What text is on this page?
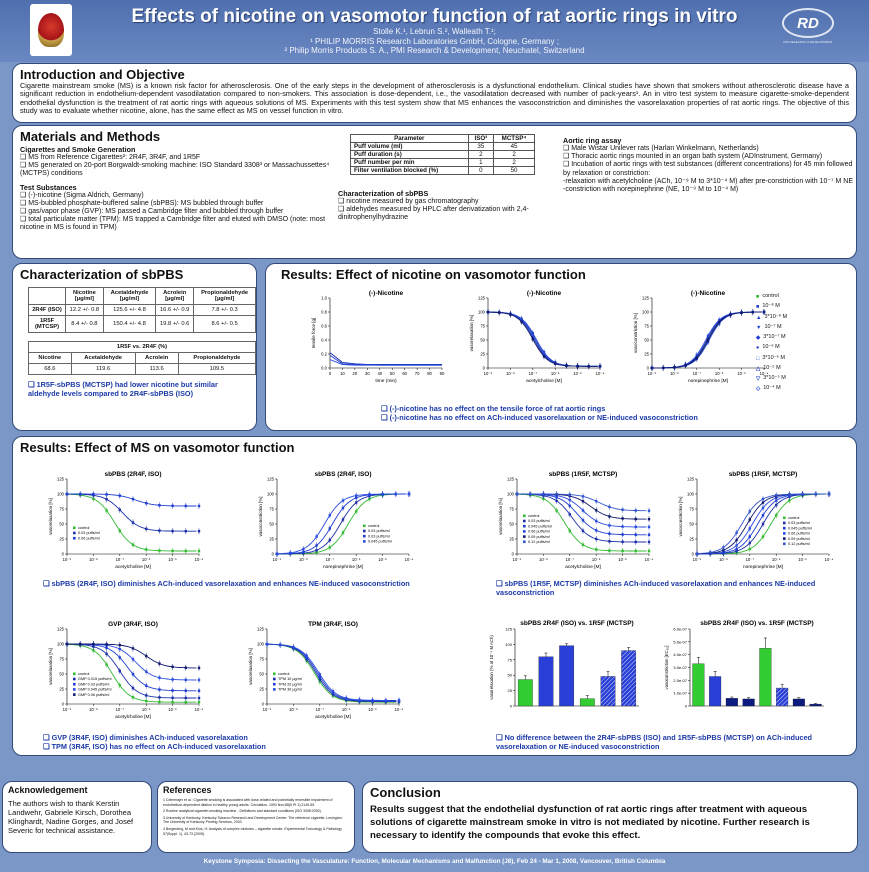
Effects of nicotine on vasomotor function of rat aortic rings in vitro
Stolle K.¹, Lebrun S.², Walleath T.¹;
¹ PHILIP MORRIS Research Laboratories GmbH, Cologne, Germany ;
² Philip Morris Products S. A., PMI Research & Development, Neuchatel, Switzerland
RD
PMI RESEARCH & DEVELOPMENT
Introduction and Objective
Cigarette mainstream smoke (MS) is a known risk factor for atherosclerosis. One of the early steps in the development of atherosclerosis is a dysfunctional endothelium. Clinical studies have shown that smokers without atherosclerotic disease have a significant reduction in endothelium-dependent vasodilatation compared to non-smokers. This association is dose-dependent, i.e., the vasodilatation decreased with number of pack-years¹. An in vitro test system to measure cigarette-smoke-dependent endothelial dysfunction is the treatment of rat aortic rings with aqueous solutions of MS. Experiments with this test system show that MS enhances the vasoconstriction and diminishes the vasorelaxation properties of rat aortic rings. The objective of this study was to evaluate whether nicotine, alone, has the same effect as MS on vessel function in vitro.
Materials and Methods
Cigarettes and Smoke Generation
❑ MS from Reference Cigarettes²: 2R4F, 3R4F, and 1R5F
❑ MS generated on 20-port Borgwaldt-smoking machine: ISO Standard 3308³ or Massachussettes⁴ (MCTPS) conditions
Test Substances
❑ (-)-nicotine (Sigma Aldrich, Germany)
❑ MS-bubbled phosphate-buffered saline (sbPBS): MS bubbled through buffer
❑ gas/vapor phase (GVP): MS passed a Cambridge filter and bubbled through buffer
❑ total particulate matter (TPM): MS trapped a Cambridge filter and eluted with DMSO (note: most nicotine in MS is found in TPM)
Parameter	ISO³	MCTSP⁴
Puff volume (ml)	35	45
Puff duration (s)	2	2
Puff number per min	1	2
Filter ventilation blocked (%)	0	50
Characterization of sbPBS
❑ nicotine measured by gas chromatography
❑ aldehydes measured by HPLC after derivatization with 2,4-dinitrophenylhydrazine
Aortic ring assay
❑ Male Wistar Unilever rats (Harlan Winkelmann, Netherlands)
❑ Thoracic aortic rings mounted in an organ bath system (ADInstrument, Germany)
❑ Incubation of aortic rings with test substances (different concentrations) for 45 min followed by relaxation or constriction:
-relaxation with acetylcholine (ACh, 10⁻⁹ M to 3*10⁻⁴ M) after pre-constriction with 10⁻⁷ M NE
-constriction with norepinephrine (NE, 10⁻⁹ M to 10⁻⁴ M)
Characterization of sbPBS
	Nicotine [µg/ml]	Acetaldehyde [µg/ml]	Acrolein [µg/ml]	Propionaldehyde [µg/ml]
2R4F (ISO)	12.2 +/- 0.8	125.6 +/- 4.8	16.6 +/- 0.9	7.8 +/- 0.3
1R5F (MTCSP)	8.4 +/- 0.8	150.4 +/- 4.8	19.8 +/- 0.6	8.6 +/- 0.5
1R5F vs. 2R4F (%)			
Nicotine	Acetaldehyde	Acrolein	Propionaldehyde
68.6	119.6	113.6	109.5
❑ 1R5F-sbPBS (MCTSP) had lower nicotine but similar aldehyde levels compared to 2R4F-sbPBS (ISO)
Results: Effect of nicotine on vasomotor function
(-)-Nicotine
0.0
0.2
0.4
0.6
0.8
1.0
0 10 20 30 40 50 60 70 80 90
time (min)
tensile force [g]
(-)-Nicotine
0
25
50
75
100
125
10⁻⁹	10⁻⁸	10⁻⁷	10⁻⁶	10⁻⁵	10⁻⁴
acetylcholine [M]
vasorelaxation [%]
(-)-Nicotine
0
25
50
75
100
125
10⁻⁹	10⁻⁸	10⁻⁷	10⁻⁶	10⁻⁵	10⁻⁴
norepinephrine [M]
vasoconstriction [%]
■ control
■ 10⁻⁸ M
▲ 3*10⁻⁸ M
▼ 10⁻⁷ M
◆ 3*10⁻⁷ M
● 10⁻⁶ M
□ 3*10⁻⁶ M
△ 10⁻⁵ M
▽ 3*10⁻⁵ M
◇ 10⁻⁴ M
❑ (-)-nicotine has no effect on the tensile force of rat aortic rings
❑ (-)-nicotine has no effect on ACh-induced vasorelaxation or NE-induced vasoconstriction
Results: Effect of MS on vasomotor function
sbPBS (2R4F, ISO)
0
25
50
75
100
125
10⁻⁹	10⁻⁸	10⁻⁷	10⁻⁶	10⁻⁵	10⁻⁴
acetylcholine [M]
vasorelaxation [%]	control
0.03 puffs/ml
0.06 puffs/ml
sbPBS (2R4F, ISO)
0
25
50
75
100
125
10⁻⁹	10⁻⁸	10⁻⁷	10⁻⁶	10⁻⁵	10⁻⁴
norepinephrine [M]
vasoconstriction [%]	control
0.03 puffs/ml
0.03 puffs/ml
0.045 puffs/ml
sbPBS (1R5F, MCTSP)
0
25
50
75
100
125
10⁻⁹	10⁻⁸	10⁻⁷	10⁻⁶	10⁻⁵	10⁻⁴
acetylcholine [M]
vasorelaxation [%]	control
0.03 puffs/ml
0.045 puffs/ml
0.06 puffs/ml
0.09 puffs/ml
0.12 puffs/ml
sbPBS (1R5F, MCTSP)
0
25
50
75
100
125
10⁻⁹	10⁻⁸	10⁻⁷	10⁻⁶	10⁻⁵	10⁻⁴
norepinephrine [M]
vasoconstriction [%]	control
0.03 puffs/ml
0.045 puffs/ml
0.06 puffs/ml
0.09 puffs/ml
0.12 puffs/ml
❑ sbPBS (2R4F, ISO) diminishes ACh-induced vasorelaxation and enhances NE-induced vasoconstriction	❑ sbPBS (1R5F, MCTSP) diminishes ACh-induced vasorelaxation and enhances NE-induced vasoconstriction
GVP (3R4F, ISO)
0
25
50
75
100
125
10⁻⁹	10⁻⁸	10⁻⁷	10⁻⁶	10⁻⁵	10⁻⁴
acetylcholine [M]
vasorelaxation [%]	control
GMP 0.015 puffs/ml
GMP 0.03 puffs/ml
GMP 0.045 puffs/ml
GMP 0.06 puffs/ml
TPM (3R4F, ISO)
0
25
50
75
100
125
10⁻⁹	10⁻⁸	10⁻⁷	10⁻⁶	10⁻⁵	10⁻⁴
acetylcholine [M]
vasorelaxation [%]	control
TPM 10 µg/ml
TPM 20 µg/ml
TPM 30 µg/ml
sbPBS 2R4F (ISO) vs. 1R5F (MCTSP)
0
25
50
75
100
125
vasorelaxation (% at 10⁻⁴ M ACh)
sbPBS 2R4F (ISO) vs. 1R5F (MCTSP)
0
1.0e-07
2.0e-07
3.0e-07
4.0e-07
5.0e-07
6.0e-07
vasoconstriction [EC₅₀]
❑ GVP (3R4F, ISO) diminishes ACh-induced vasorelaxation
❑ TPM (3R4F, ISO) has no effect on ACh-induced vasorelaxation
❑ No difference between the 2R4F-sbPBS (ISO) and 1R5F-sbPBS (MCTSP) on ACh-induced vasorelaxation or NE-induced vasoconstriction
Acknowledgement
The authors wish to thank Kerstin Landwehr, Gabriele Kirsch, Dorothea Klinghardt, Nadine Gorges, and Josef Severic for technical assistance.
References

1 Celermajer et al.: Cigarette smoking is associated with dose-related and potentially reversible impairment of endothelium-dependent dilation in healthy young adults. Circulation, 1993 Nov;88(5 Pt 1):2149-55.

2 Routine analytical cigarette-smoking machine - Definitions and standard conditions (ISO 3308:2000).

3 University of Kentucky, Kentucky Tobacco Research and Development Center: The reference cigarette, Lexington: The University of Kentucky Printing Services, 2003.

4 Borgerding, M and Klus, H: Analysis of complex mixtures – cigarette smoke. Experimental Toxicology & Pathology 57(Suppl. 1), 43-73 (2005).

Conclusion
Results suggest that the endothelial dysfunction of rat aortic rings after treatment with aqueous solutions of cigarette mainstream smoke in vitro is not mediated by nicotine. Further research is necessary to identify the compounds that evoke this effect.
Keystone Symposia: Dissecting the Vasculature: Function, Molecular Mechanisms and Malfunction (J8), Feb 24 - Mar 1, 2008, Vancouver, British Columbia
